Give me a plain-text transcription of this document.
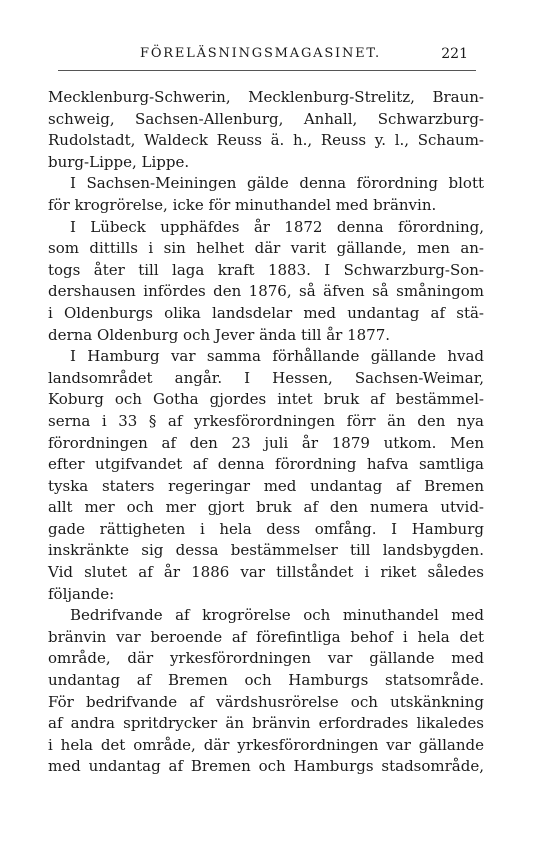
FÖRELÄSNINGSMAGASINET.	221
Mecklenburg-Schwerin, Mecklenburg-Strelitz, Braun-
schweig, Sachsen-Allenburg, Anhall, Schwarzburg-
Rudolstadt, Waldeck Reuss ä. h., Reuss y. l., Schaum-
burg-Lippe, Lippe.
I Sachsen-Meiningen gälde denna förordning blott
för krogrörelse, icke för minuthandel med bränvin.
I Lübeck upphäfdes år 1872 denna förordning,
som dittills i sin helhet där varit gällande, men an-
togs åter till laga kraft 1883. I Schwarzburg-Son-
dershausen infördes den 1876, så äfven så småningom
i Oldenburgs olika landsdelar med undantag af stä-
derna Oldenburg och Jever ända till år 1877.
I Hamburg var samma förhållande gällande hvad
landsområdet angår. I Hessen, Sachsen-Weimar,
Koburg och Gotha gjordes intet bruk af bestämmel-
serna i 33 § af yrkesförordningen förr än den nya
förordningen af den 23 juli år 1879 utkom. Men
efter utgifvandet af denna förordning hafva samtliga
tyska staters regeringar med undantag af Bremen
allt mer och mer gjort bruk af den numera utvid-
gade rättigheten i hela dess omfång. I Hamburg
inskränkte sig dessa bestämmelser till landsbygden.
Vid slutet af år 1886 var tillståndet i riket således
följande:
Bedrifvande af krogrörelse och minuthandel med
bränvin var beroende af förefintliga behof i hela det
område, där yrkesförordningen var gällande med
undantag af Bremen och Hamburgs statsområde.
För bedrifvande af värdshusrörelse och utskänkning
af andra spritdrycker än bränvin erfordrades likaledes
i hela det område, där yrkesförordningen var gällande
med undantag af Bremen och Hamburgs stadsområde,
